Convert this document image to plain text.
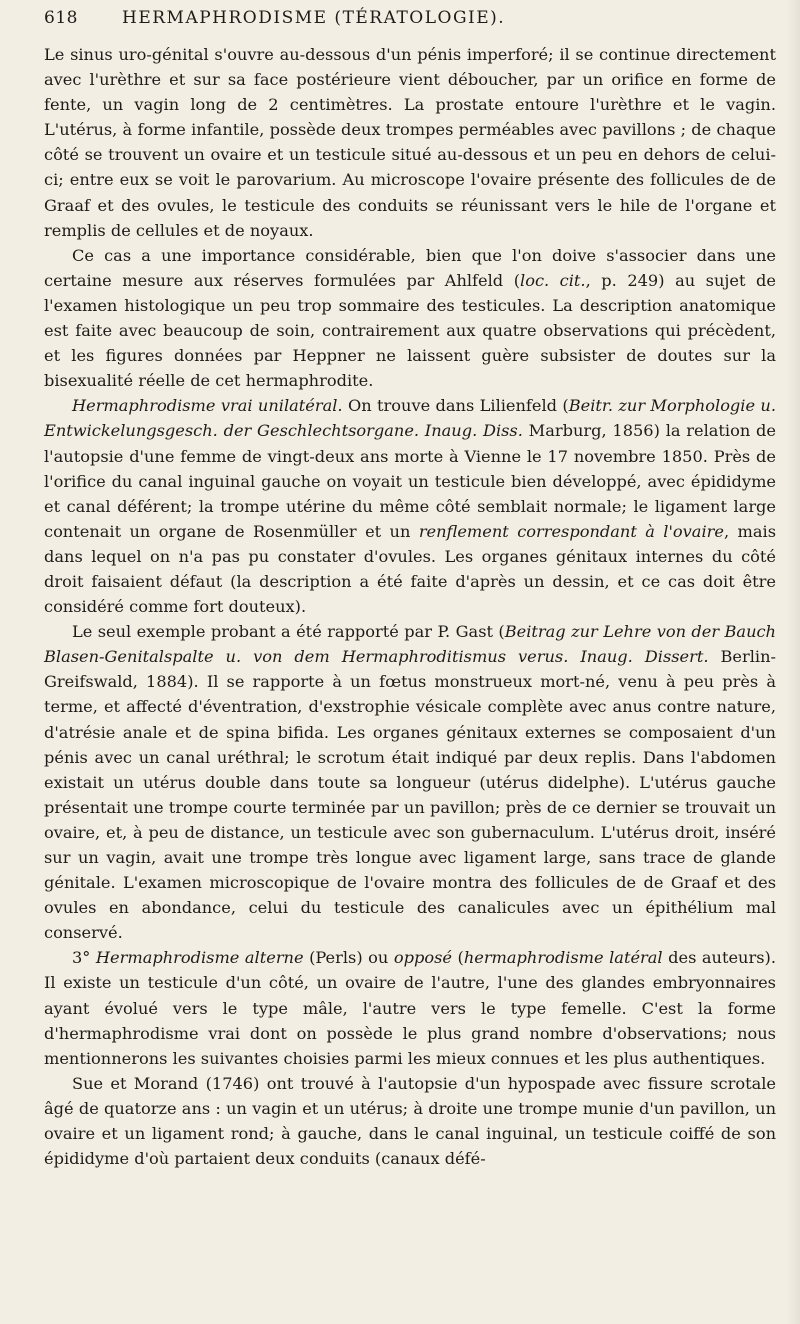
618	HERMAPHRODISME (TÉRATOLOGIE).

Le sinus uro-génital s'ouvre au-dessous d'un pénis imperforé; il se continue directement avec l'urèthre et sur sa face postérieure vient déboucher, par un orifice en forme de fente, un vagin long de 2 centimètres. La prostate entoure l'urèthre et le vagin. L'utérus, à forme infantile, possède deux trompes perméables avec pavillons ; de chaque côté se trouvent un ovaire et un testicule situé au-dessous et un peu en dehors de celui-ci; entre eux se voit le parovarium. Au microscope l'ovaire présente des follicules de de Graaf et des ovules, le testicule des conduits se réunissant vers le hile de l'organe et remplis de cellules et de noyaux.

Ce cas a une importance considérable, bien que l'on doive s'associer dans une certaine mesure aux réserves formulées par Ahlfeld (loc. cit., p. 249) au sujet de l'examen histologique un peu trop sommaire des testicules. La description anatomique est faite avec beaucoup de soin, contrairement aux quatre observations qui précèdent, et les figures données par Heppner ne laissent guère subsister de doutes sur la bisexualité réelle de cet hermaphrodite.

Hermaphrodisme vrai unilatéral. On trouve dans Lilienfeld (Beitr. zur Morphologie u. Entwickelungsgesch. der Geschlechtsorgane. Inaug. Diss. Marburg, 1856) la relation de l'autopsie d'une femme de vingt-deux ans morte à Vienne le 17 novembre 1850. Près de l'orifice du canal inguinal gauche on voyait un testicule bien développé, avec épididyme et canal déférent; la trompe utérine du même côté semblait normale; le ligament large contenait un organe de Rosenmüller et un renflement correspondant à l'ovaire, mais dans lequel on n'a pas pu constater d'ovules. Les organes génitaux internes du côté droit faisaient défaut (la description a été faite d'après un dessin, et ce cas doit être considéré comme fort douteux).

Le seul exemple probant a été rapporté par P. Gast (Beitrag zur Lehre von der Bauch Blasen-Genitalspalte u. von dem Hermaphroditismus verus. Inaug. Dissert. Berlin-Greifswald, 1884). Il se rapporte à un fœtus monstrueux mort-né, venu à peu près à terme, et affecté d'éventration, d'exstrophie vésicale complète avec anus contre nature, d'atrésie anale et de spina bifida. Les organes génitaux externes se composaient d'un pénis avec un canal uréthral; le scrotum était indiqué par deux replis. Dans l'abdomen existait un utérus double dans toute sa longueur (utérus didelphe). L'utérus gauche présentait une trompe courte terminée par un pavillon; près de ce dernier se trouvait un ovaire, et, à peu de distance, un testicule avec son gubernaculum. L'utérus droit, inséré sur un vagin, avait une trompe très longue avec ligament large, sans trace de glande génitale. L'examen microscopique de l'ovaire montra des follicules de de Graaf et des ovules en abondance, celui du testicule des canalicules avec un épithélium mal conservé.

3° Hermaphrodisme alterne (Perls) ou opposé (hermaphrodisme latéral des auteurs). Il existe un testicule d'un côté, un ovaire de l'autre, l'une des glandes embryonnaires ayant évolué vers le type mâle, l'autre vers le type femelle. C'est la forme d'hermaphrodisme vrai dont on possède le plus grand nombre d'observations; nous mentionnerons les suivantes choisies parmi les mieux connues et les plus authentiques.

Sue et Morand (1746) ont trouvé à l'autopsie d'un hypospade avec fissure scrotale âgé de quatorze ans : un vagin et un utérus; à droite une trompe munie d'un pavillon, un ovaire et un ligament rond; à gauche, dans le canal inguinal, un testicule coiffé de son épididyme d'où partaient deux conduits (canaux défé-
